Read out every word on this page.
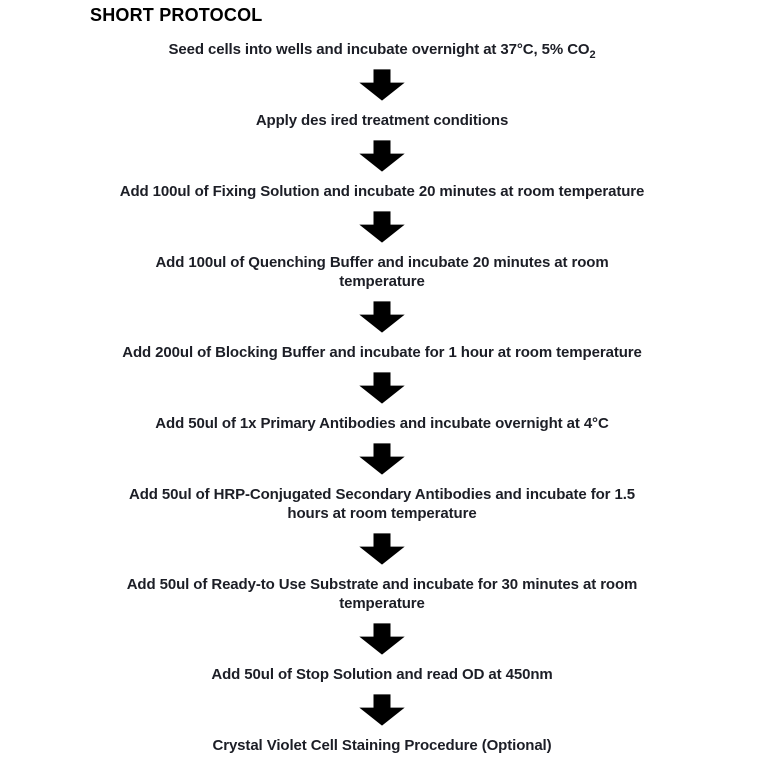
SHORT PROTOCOL
Seed cells into wells and incubate overnight at 37°C, 5% $CO_2$
Apply des ired treatment conditions
Add 100ul of Fixing Solution and incubate 20 minutes at room temperature
Add 100ul of Quenching Buffer and incubate 20 minutes at room
temperature
Add 200ul of Blocking Buffer and incubate for 1 hour at room temperature
Add 50ul of 1x Primary Antibodies and incubate overnight at 4°C
Add 50ul of HRP-Conjugated Secondary Antibodies and incubate for 1.5
hours at room temperature
Add 50ul of Ready-to Use Substrate and incubate for 30 minutes at room
temperature
Add 50ul of Stop Solution and read OD at 450nm
Crystal Violet Cell Staining Procedure (Optional)
